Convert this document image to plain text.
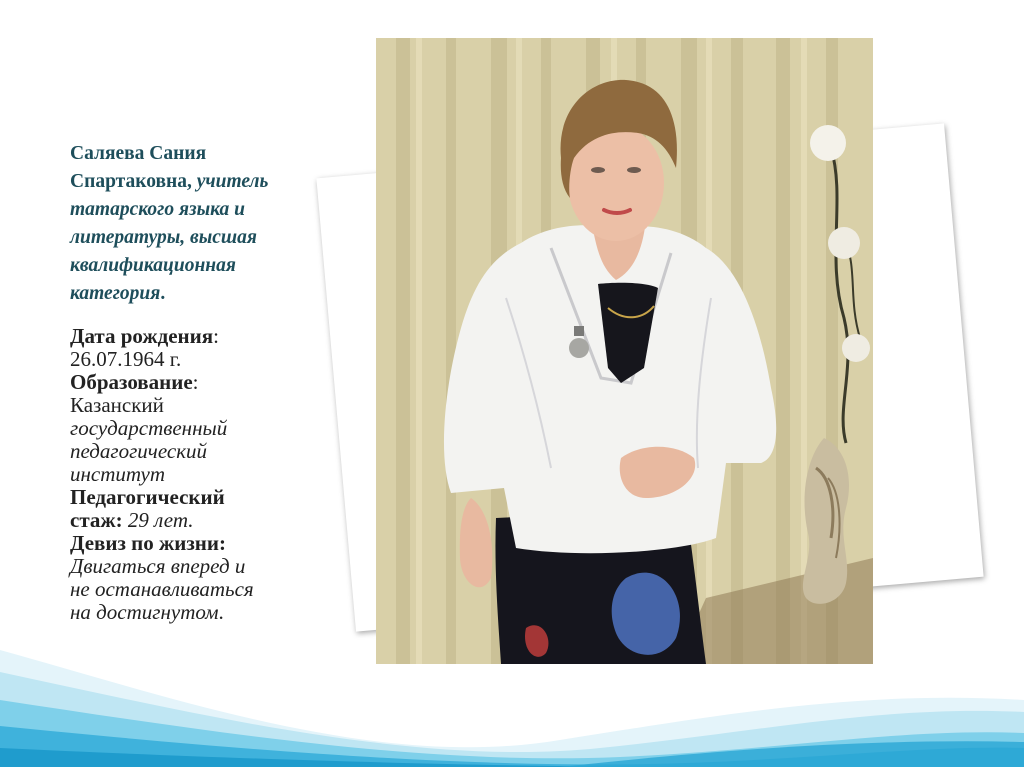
Саляева Сания
Спартаковна, учитель
татарского языка и
литературы, высшая
квалификационная
категория.
Дата рождения:
26.07.1964 г.
Образование:
Казанский
государственный
педагогический
институт
Педагогический
стаж: 29 лет.
Девиз по жизни:
Двигаться вперед и
не останавливаться
на достигнутом.
